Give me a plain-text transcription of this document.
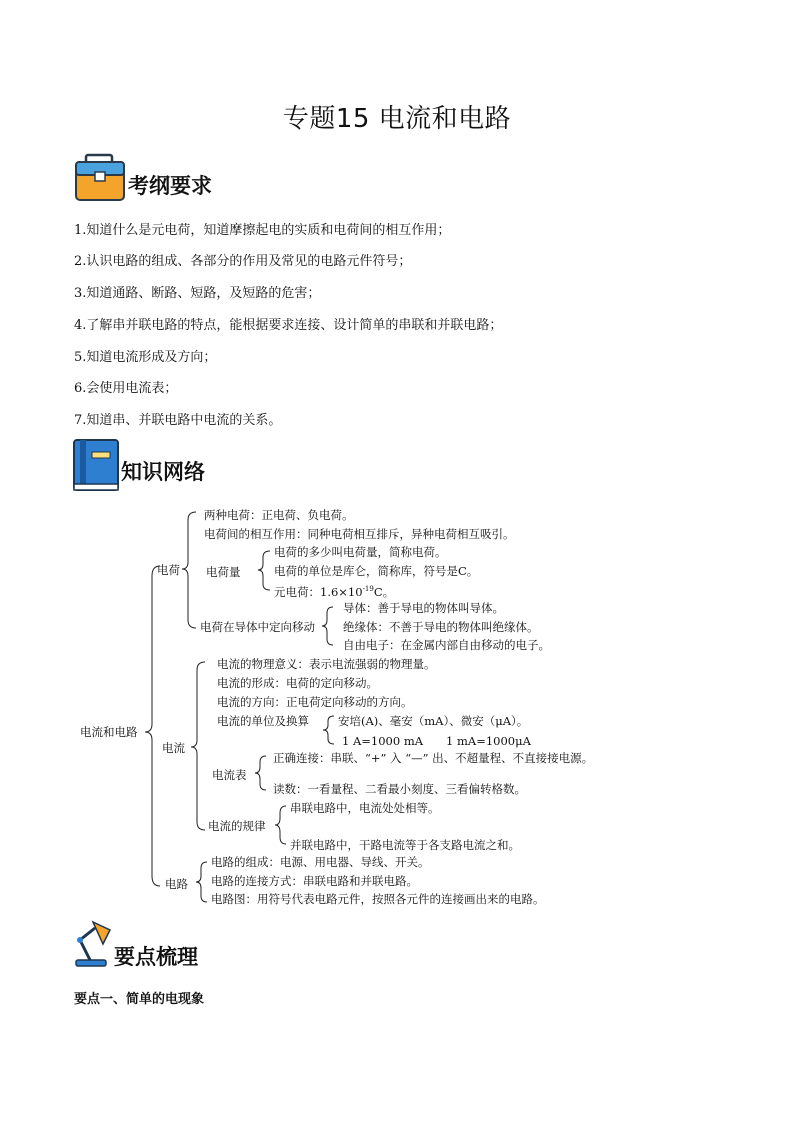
专题15 电流和电路
考纲要求
1.知道什么是元电荷，知道摩擦起电的实质和电荷间的相互作用；
2.认识电路的组成、各部分的作用及常见的电路元件符号；
3.知道通路、断路、短路，及短路的危害；
4.了解串并联电路的特点，能根据要求连接、设计简单的串联和并联电路；
5.知道电流形成及方向；
6.会使用电流表；
7.知道串、并联电路中电流的关系。
知识网络
电流和电路
电荷
两种电荷：正电荷、负电荷。
电荷间的相互作用：同种电荷相互排斥，异种电荷相互吸引。
电荷量
电荷的多少叫电荷量，简称电荷。
电荷的单位是库仑，简称库，符号是C。
元电荷：$1.6\times 10^{-19}C$。
电荷在导体中定向移动
导体：善于导电的物体叫导体。
绝缘体：不善于导电的物体叫绝缘体。
自由电子：在金属内部自由移动的电子。
电流
电流的物理意义：表示电流强弱的物理量。
电流的形成：电荷的定向移动。
电流的方向：正电荷定向移动的方向。
电流的单位及换算	安培(A)、毫安（mA）、微安（μA）。
1 A=1000 mA　　1 mA=1000μA
电流表
正确连接：串联、“+” 入 “—” 出、不超量程、不直接接电源。
读数：一看量程、二看最小刻度、三看偏转格数。
电流的规律
串联电路中，电流处处相等。
并联电路中，干路电流等于各支路电流之和。
电路
电路的组成：电源、用电器、导线、开关。
电路的连接方式：串联电路和并联电路。
电路图：用符号代表电路元件，按照各元件的连接画出来的电路。
要点梳理
要点一、简单的电现象
